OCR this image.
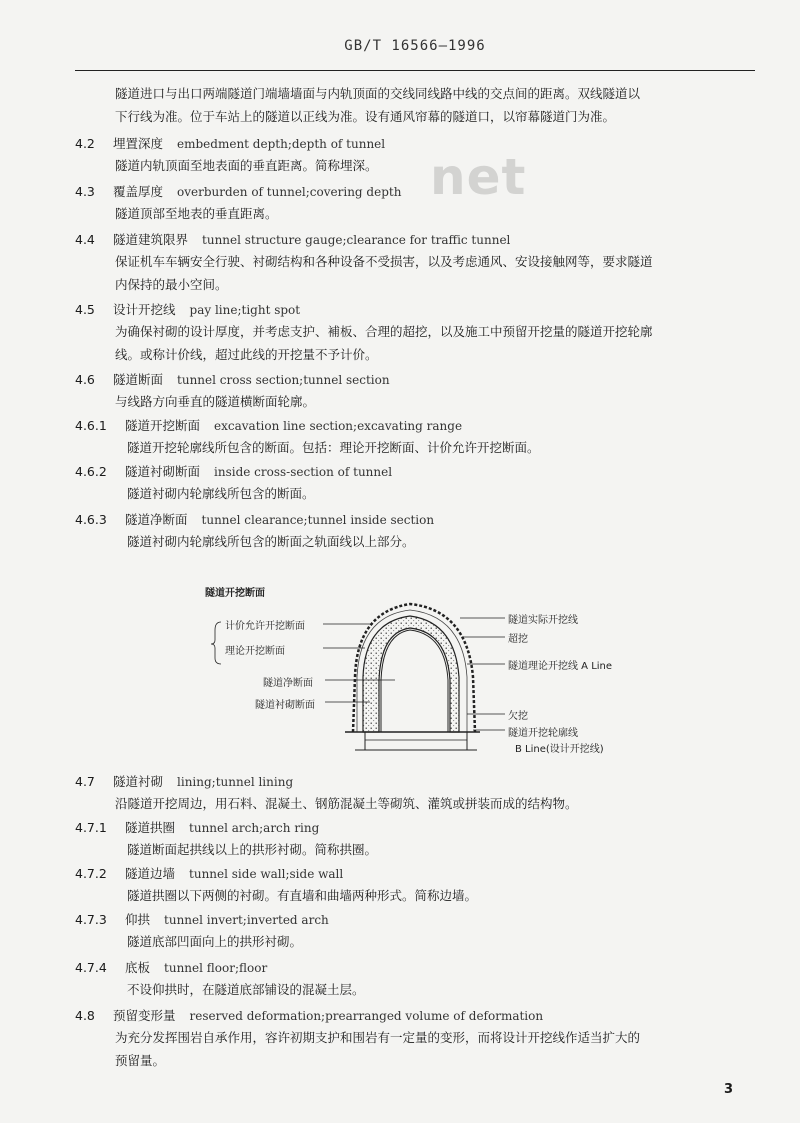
GB/T 16566—1996
net
隧道进口与出口两端隧道门端墙墙面与内轨顶面的交线同线路中线的交点间的距离。双线隧道以
下行线为准。位于车站上的隧道以正线为准。设有通风帘幕的隧道口，以帘幕隧道门为准。
4.2 埋置深度 embedment depth;depth of tunnel
隧道内轨顶面至地表面的垂直距离。简称埋深。
4.3 覆盖厚度 overburden of tunnel;covering depth
隧道顶部至地表的垂直距离。
4.4 隧道建筑限界 tunnel structure gauge;clearance for traffic tunnel
保证机车车辆安全行驶、衬砌结构和各种设备不受损害，以及考虑通风、安设接触网等，要求隧道
内保持的最小空间。
4.5 设计开挖线 pay line;tight spot
为确保衬砌的设计厚度，并考虑支护、補板、合理的超挖，以及施工中预留开挖量的隧道开挖轮廓
线。或称计价线，超过此线的开挖量不予计价。
4.6 隧道断面 tunnel cross section;tunnel section
与线路方向垂直的隧道横断面轮廓。
4.6.1 隧道开挖断面 excavation line section;excavating range
隧道开挖轮廓线所包含的断面。包括：理论开挖断面、计价允许开挖断面。
4.6.2 隧道衬砌断面 inside cross-section of tunnel
隧道衬砌内轮廓线所包含的断面。
4.6.3 隧道净断面 tunnel clearance;tunnel inside section
隧道衬砌内轮廓线所包含的断面之轨面线以上部分。
4.7 隧道衬砌 lining;tunnel lining
沿隧道开挖周边，用石料、混凝土、钢筋混凝土等砌筑、灌筑或拼装而成的结构物。
4.7.1 隧道拱圈 tunnel arch;arch ring
隧道断面起拱线以上的拱形衬砌。简称拱圈。
4.7.2 隧道边墙 tunnel side wall;side wall
隧道拱圈以下两侧的衬砌。有直墙和曲墙两种形式。简称边墙。
4.7.3 仰拱 tunnel invert;inverted arch
隧道底部凹面向上的拱形衬砌。
4.7.4 底板 tunnel floor;floor
不设仰拱时，在隧道底部铺设的混凝土层。
4.8 预留变形量 reserved deformation;prearranged volume of deformation
为充分发挥围岩自承作用，容许初期支护和围岩有一定量的变形，而将设计开挖线作适当扩大的
预留量。
隧道开挖断面
计价允许开挖断面
理论开挖断面
隧道净断面
隧道衬砌断面
隧道实际开挖线
超挖
隧道理论开挖线 A Line
欠挖
隧道开挖轮廓线
B Line(设计开挖线)
3
